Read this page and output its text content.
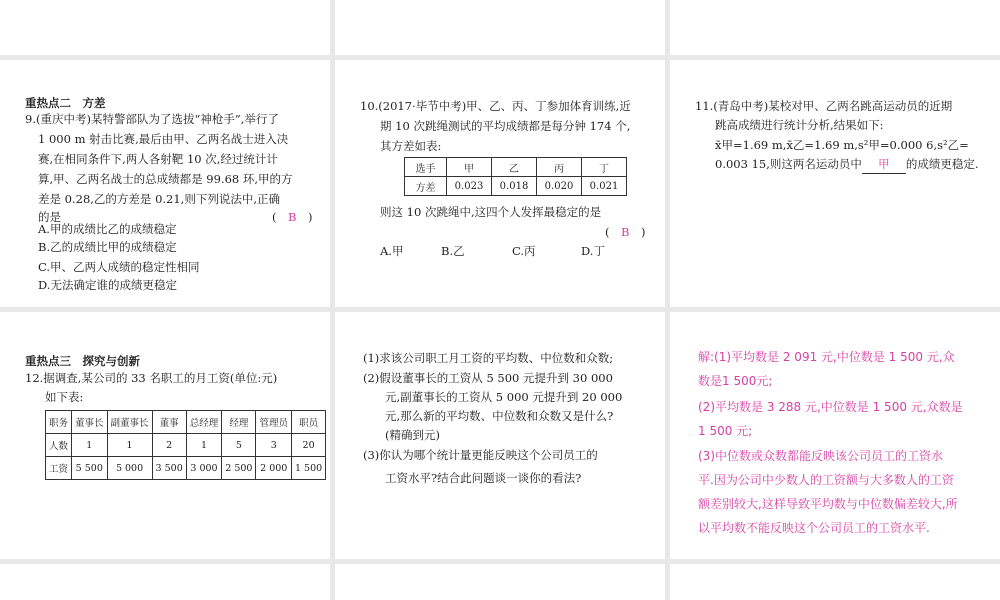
重热点二　方差
9.(重庆中考)某特警部队为了选拔“神枪手”,举行了
1 000 m 射击比赛,最后由甲、乙两名战士进入决
赛,在相同条件下,两人各射靶 10 次,经过统计计
算,甲、乙两名战士的总成绩都是 99.68 环,甲的方
差是 0.28,乙的方差是 0.21,则下列说法中,正确
的是	(　B　)
A.甲的成绩比乙的成绩稳定
B.乙的成绩比甲的成绩稳定
C.甲、乙两人成绩的稳定性相同
D.无法确定谁的成绩更稳定
10.(2017·毕节中考)甲、乙、丙、丁参加体育训练,近
期 10 次跳绳测试的平均成绩都是每分钟 174 个,
其方差如表:
选手	甲	乙	丙	丁
方差	0.023	0.018	0.020	0.021
则这 10 次跳绳中,这四个人发挥最稳定的是
(　B　)
A.甲	B.乙	C.丙	D.丁
11.(青岛中考)某校对甲、乙两名跳高运动员的近期
跳高成绩进行统计分析,结果如下:
x̄甲=1.69 m,x̄乙=1.69 m,s²甲=0.000 6,s²乙=
0.003 15,则这两名运动员中 甲 的成绩更稳定.
重热点三　探究与创新
12.据调查,某公司的 33 名职工的月工资(单位:元)
如下表:
职务	董事长	副董事长	董事	总经理	经理	管理员	职员
人数	1	1	2	1	5	3	20
工资	5 500	5 000	3 500	3 000	2 500	2 000	1 500
(1)求该公司职工月工资的平均数、中位数和众数;
(2)假设董事长的工资从 5 500 元提升到 30 000
元,副董事长的工资从 5 000 元提升到 20 000
元,那么新的平均数、中位数和众数又是什么?
(精确到元)
(3)你认为哪个统计量更能反映这个公司员工的
工资水平?结合此问题谈一谈你的看法?
解:(1)平均数是 2 091 元,中位数是 1 500 元,众
数是1 500元;
(2)平均数是 3 288 元,中位数是 1 500 元,众数是
1 500 元;
(3)中位数或众数都能反映该公司员工的工资水
平.因为公司中少数人的工资额与大多数人的工资
额差别较大,这样导致平均数与中位数偏差较大,所
以平均数不能反映这个公司员工的工资水平.
